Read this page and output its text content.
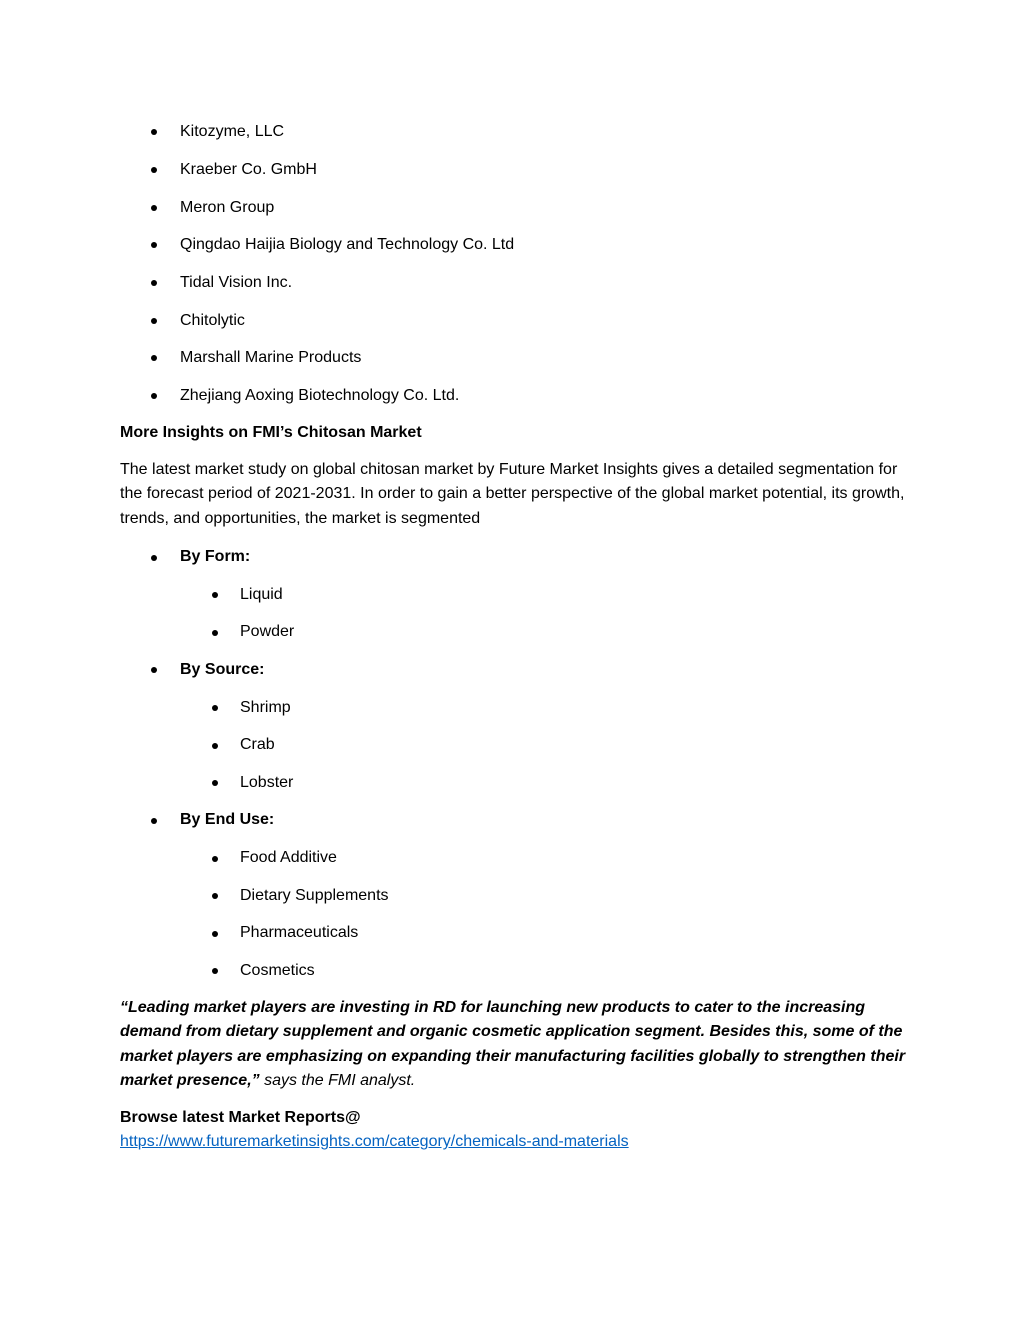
Kitozyme, LLC
Kraeber Co. GmbH
Meron Group
Qingdao Haijia Biology and Technology Co. Ltd
Tidal Vision Inc.
Chitolytic
Marshall Marine Products
Zhejiang Aoxing Biotechnology Co. Ltd.
More Insights on FMI’s Chitosan Market
The latest market study on global chitosan market by Future Market Insights gives a detailed segmentation for the forecast period of 2021-2031. In order to gain a better perspective of the global market potential, its growth, trends, and opportunities, the market is segmented
By Form:
Liquid
Powder
By Source:
Shrimp
Crab
Lobster
By End Use:
Food Additive
Dietary Supplements
Pharmaceuticals
Cosmetics
“Leading market players are investing in RD for launching new products to cater to the increasing demand from dietary supplement and organic cosmetic application segment. Besides this, some of the market players are emphasizing on expanding their manufacturing facilities globally to strengthen their market presence,” says the FMI analyst.
Browse latest Market Reports@
https://www.futuremarketinsights.com/category/chemicals-and-materials
